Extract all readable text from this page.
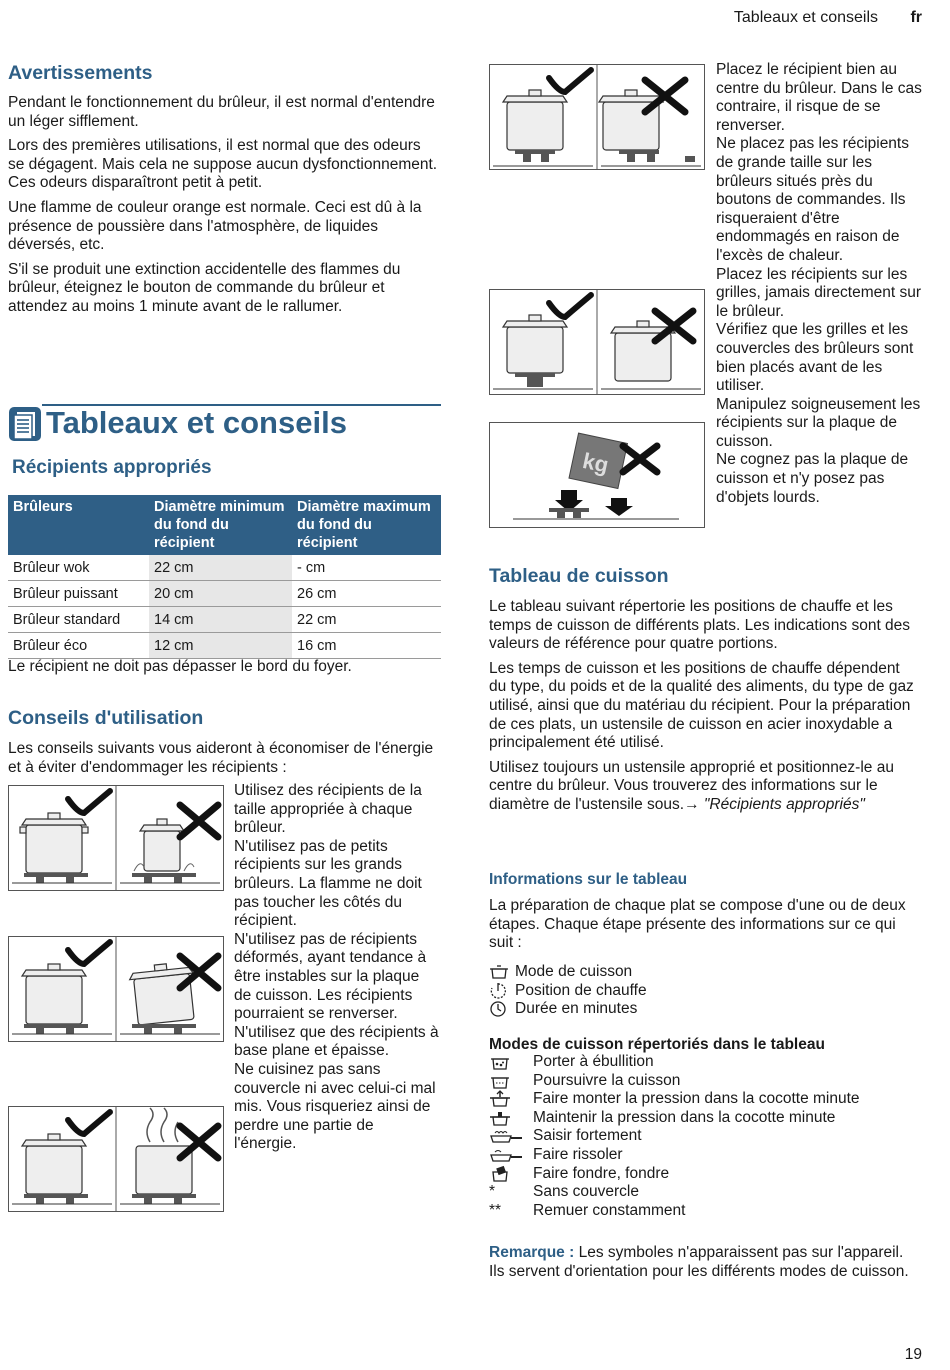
Tableaux et conseils fr
Avertissements

Pendant le fonctionnement du brûleur, il est normal d'entendre un léger sifflement.

Lors des premières utilisations, il est normal que des odeurs se dégagent. Mais cela ne suppose aucun dysfonctionnement. Ces odeurs disparaîtront petit à petit.

Une flamme de couleur orange est normale. Ceci est dû à la présence de poussière dans l'atmosphère, de liquides déversés, etc.

S'il se produit une extinction accidentelle des flammes du brûleur, éteignez le bouton de commande du brûleur et attendez au moins 1 minute avant de le rallumer.

Tableaux et conseils
Récipients appropriés
Brûleurs	Diamètre minimum du fond du récipient	Diamètre maximum du fond du récipient
Brûleur wok	22 cm	- cm
Brûleur puissant	20 cm	26 cm
Brûleur standard	14 cm	22 cm
Brûleur éco	12 cm	16 cm

Le récipient ne doit pas dépasser le bord du foyer.

Conseils d'utilisation

Les conseils suivants vous aideront à économiser de l'énergie et à éviter d'endommager les récipients :

Utilisez des récipients de la taille appropriée à chaque brûleur.

N'utilisez pas de petits récipients sur les grands brûleurs. La flamme ne doit pas toucher les côtés du récipient.

N'utilisez pas de récipients déformés, ayant tendance à être instables sur la plaque de cuisson. Les récipients pourraient se renverser.

N'utilisez que des récipients à base plane et épaisse.

Ne cuisinez pas sans couvercle ni avec celui-ci mal mis. Vous risqueriez ainsi de perdre une partie de l'énergie.

kg

Placez le récipient bien au centre du brûleur. Dans le cas contraire, il risque de se renverser.

Ne placez pas les récipients de grande taille sur les brûleurs situés près du boutons de commandes. Ils risqueraient d'être endommagés en raison de l'excès de chaleur.

Placez les récipients sur les grilles, jamais directement sur le brûleur.

Vérifiez que les grilles et les couvercles des brûleurs sont bien placés avant de les utiliser.

Manipulez soigneusement les récipients sur la plaque de cuisson.

Ne cognez pas la plaque de cuisson et n'y posez pas d'objets lourds.

Tableau de cuisson

Le tableau suivant répertorie les positions de chauffe et les temps de cuisson de différents plats. Les indications sont des valeurs de référence pour quatre portions.

Les temps de cuisson et les positions de chauffe dépendent du type, du poids et de la qualité des aliments, du type de gaz utilisé, ainsi que du matériau du récipient. Pour la préparation de ces plats, un ustensile de cuisson en acier inoxydable a principalement été utilisé.

Utilisez toujours un ustensile approprié et positionnez-le au centre du brûleur. Vous trouverez des informations sur le diamètre de l'ustensile sous.→ "Récipients appropriés"

Informations sur le tableau

La préparation de chaque plat se compose d'une ou de deux étapes. Chaque étape présente des informations sur ce qui suit :

Mode de cuisson
Position de chauffe
Durée en minutes
Modes de cuisson répertoriés dans le tableau
Porter à ébullition
Poursuivre la cuisson
Faire monter la pression dans la cocotte minute
Maintenir la pression dans la cocotte minute
Saisir fortement
Faire rissoler
Faire fondre, fondre
*	Sans couvercle
**	Remuer constamment

Remarque : Les symboles n'apparaissent pas sur l'appareil. Ils servent d'orientation pour les différents modes de cuisson.

19
